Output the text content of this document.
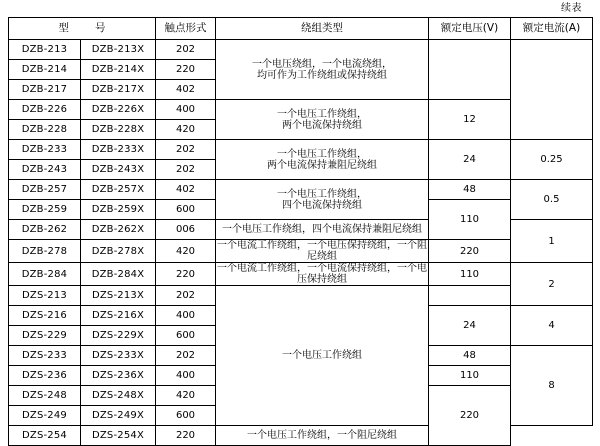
续表
型 号		触点形式	绕组类型	额定电压(V)	额定电流(A)
DZB-213	DZB-213X	202	一个电压绕组，一个电流绕组，
均可作为工作绕组或保持绕组		

DZB-214	DZB-214X	220			
DZB-217	DZB-217X	402			
DZB-226	DZB-226X	400	一个电压工作绕组，
两个电流保持绕组	12	
DZB-228	DZB-228X	420			
DZB-233	DZB-233X	202	一个电压工作绕组，
两个电流保持兼阻尼绕组	24	0.25
DZB-243	DZB-243X	202			
DZB-257	DZB-257X	402	一个电压工作绕组，
四个电流保持绕组	48	0.5
DZB-259	DZB-259X	600		110	
DZB-262	DZB-262X	006	一个电压工作绕组，四个电流保持兼阻尼绕组		1
DZB-278	DZB-278X	420	一个电流工作绕组，一个电压保持绕组，一个阻尼绕组	220	
DZB-284	DZB-284X	220	一个电流工作绕组，一个电流保持绕组，一个电压保持绕组	110	2
DZS-213	DZS-213X	202	一个电压工作绕组		
DZS-216	DZS-216X	400		24	4
DZS-229	DZS-229X	600			
DZS-233	DZS-233X	202		48	8
DZS-236	DZS-236X	400		110	
DZS-248	DZS-248X	420		220	
DZS-249	DZS-249X	600			
DZS-254	DZS-254X	220	一个电压工作绕组，一个阻尼绕组		
